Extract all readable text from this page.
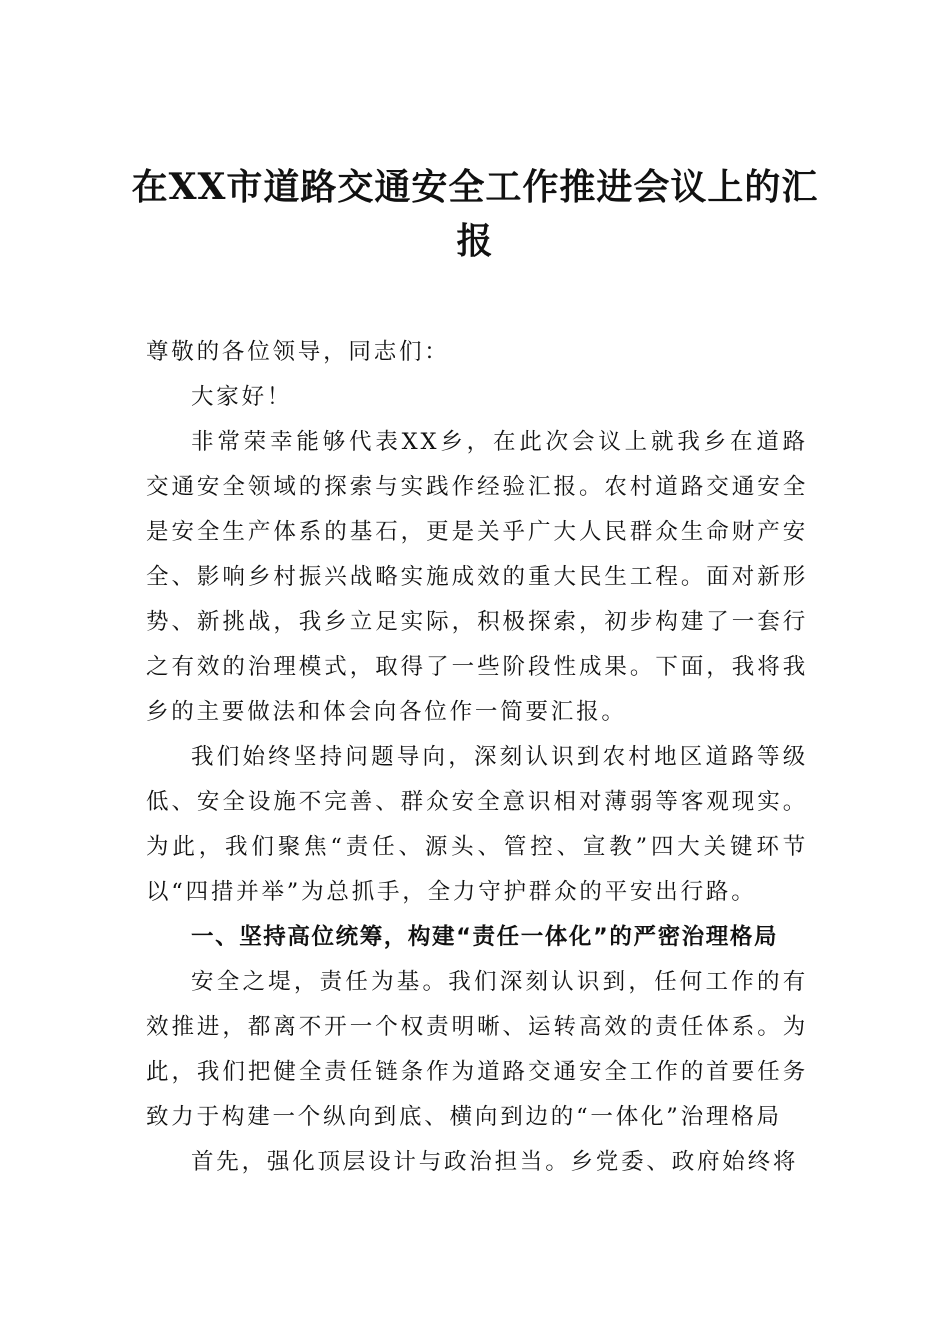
在XX市道路交通安全工作推进会议上的汇报

尊敬的各位领导，同志们：

大家好！

非常荣幸能够代表XX乡，在此次会议上就我乡在道路交通安全领域的探索与实践作经验汇报。农村道路交通安全是安全生产体系的基石，更是关乎广大人民群众生命财产安全、影响乡村振兴战略实施成效的重大民生工程。面对新形势、新挑战，我乡立足实际，积极探索，初步构建了一套行之有效的治理模式，取得了一些阶段性成果。下面，我将我乡的主要做法和体会向各位作一简要汇报。

我们始终坚持问题导向，深刻认识到农村地区道路等级低、安全设施不完善、群众安全意识相对薄弱等客观现实。为此，我们聚焦“责任、源头、管控、宣教”四大关键环节以“四措并举”为总抓手，全力守护群众的平安出行路。

一、坚持高位统筹，构建“责任一体化”的严密治理格局

安全之堤，责任为基。我们深刻认识到，任何工作的有效推进，都离不开一个权责明晰、运转高效的责任体系。为此，我们把健全责任链条作为道路交通安全工作的首要任务致力于构建一个纵向到底、横向到边的“一体化”治理格局

首先，强化顶层设计与政治担当。乡党委、政府始终将
